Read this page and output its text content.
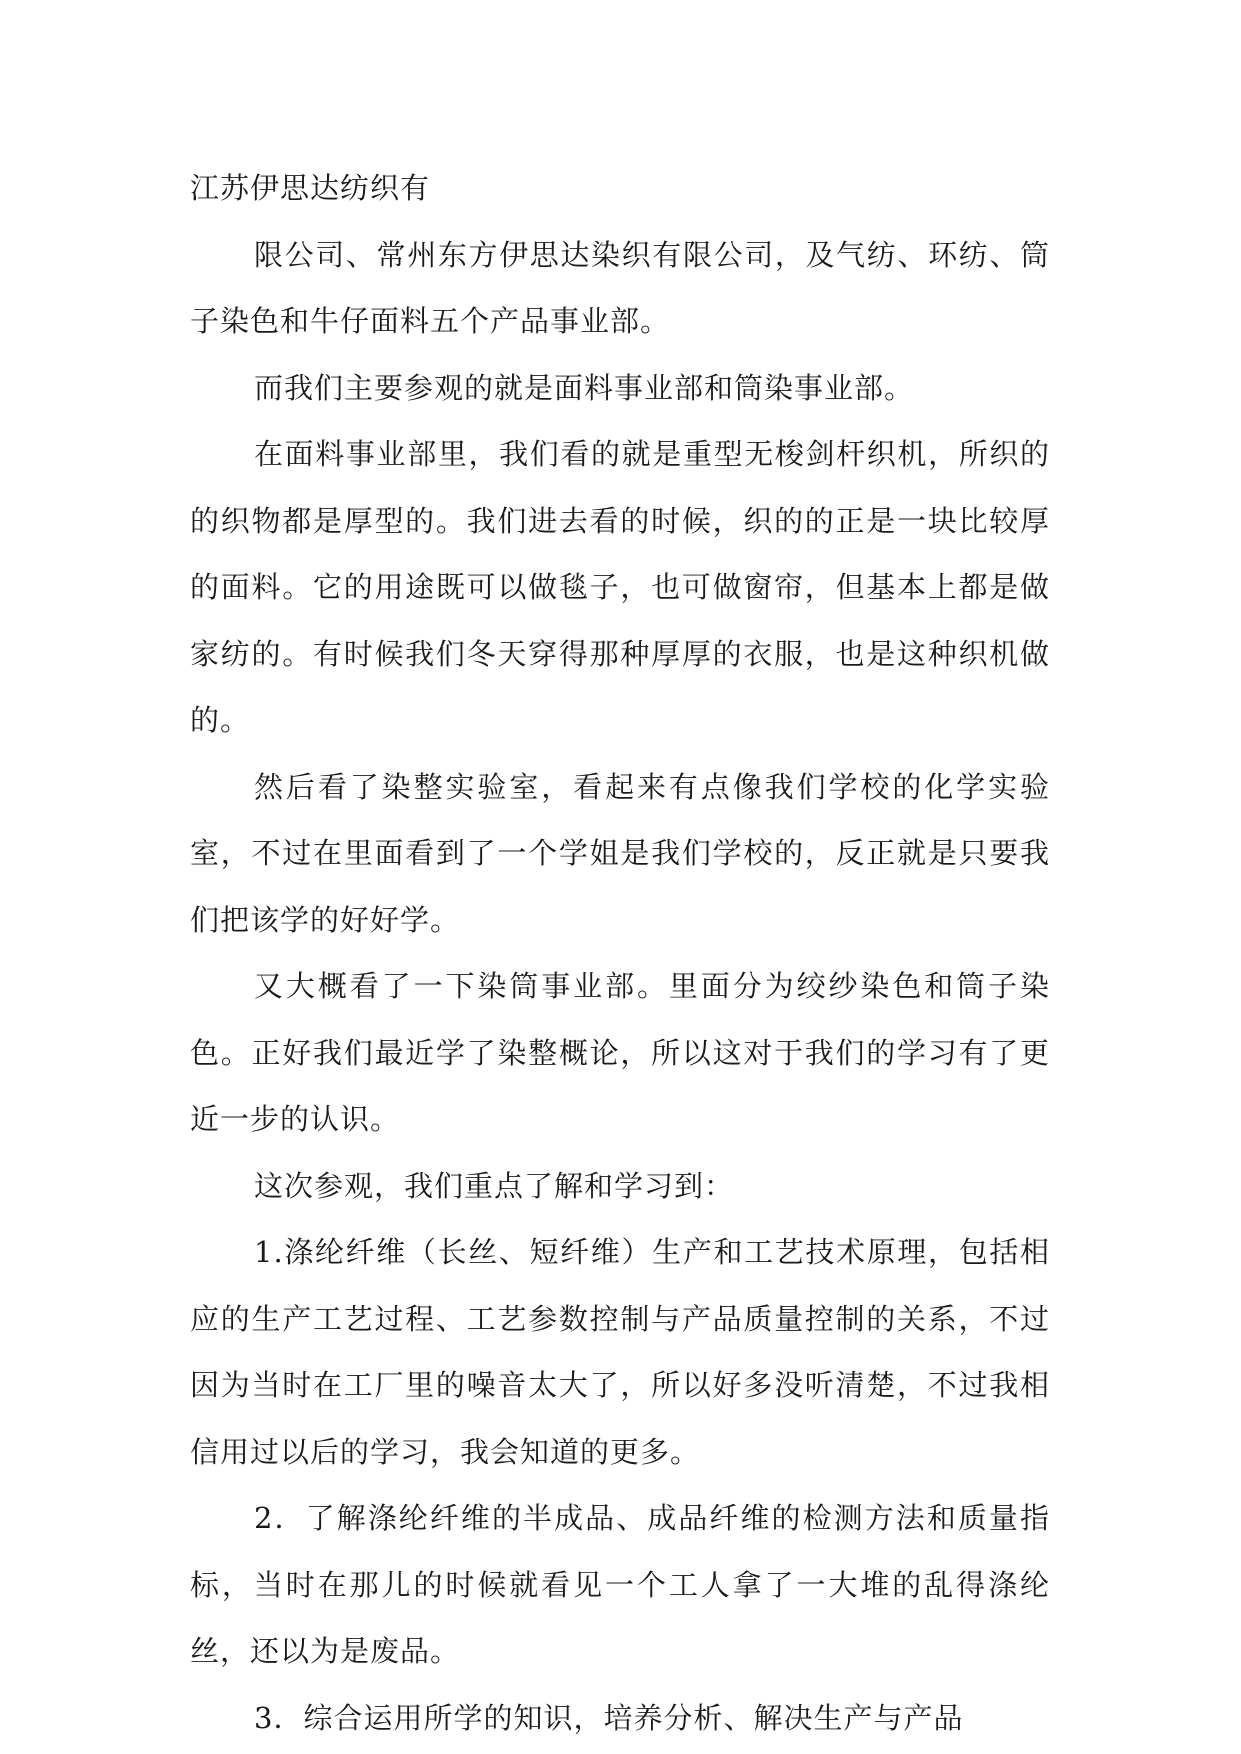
江苏伊思达纺织有

限公司、常州东方伊思达染织有限公司，及气纺、环纺、筒子染色和牛仔面料五个产品事业部。

而我们主要参观的就是面料事业部和筒染事业部。

在面料事业部里，我们看的就是重型无梭剑杆织机，所织的的织物都是厚型的。我们进去看的时候，织的的正是一块比较厚的面料。它的用途既可以做毯子，也可做窗帘，但基本上都是做家纺的。有时候我们冬天穿得那种厚厚的衣服，也是这种织机做的。

然后看了染整实验室，看起来有点像我们学校的化学实验室，不过在里面看到了一个学姐是我们学校的，反正就是只要我们把该学的好好学。

又大概看了一下染筒事业部。里面分为绞纱染色和筒子染色。正好我们最近学了染整概论，所以这对于我们的学习有了更近一步的认识。

这次参观，我们重点了解和学习到：

1.涤纶纤维（长丝、短纤维）生产和工艺技术原理，包括相应的生产工艺过程、工艺参数控制与产品质量控制的关系，不过因为当时在工厂里的噪音太大了，所以好多没听清楚，不过我相信用过以后的学习，我会知道的更多。

2．了解涤纶纤维的半成品、成品纤维的检测方法和质量指标，当时在那儿的时候就看见一个工人拿了一大堆的乱得涤纶丝，还以为是废品。

3．综合运用所学的知识，培养分析、解决生产与产品
